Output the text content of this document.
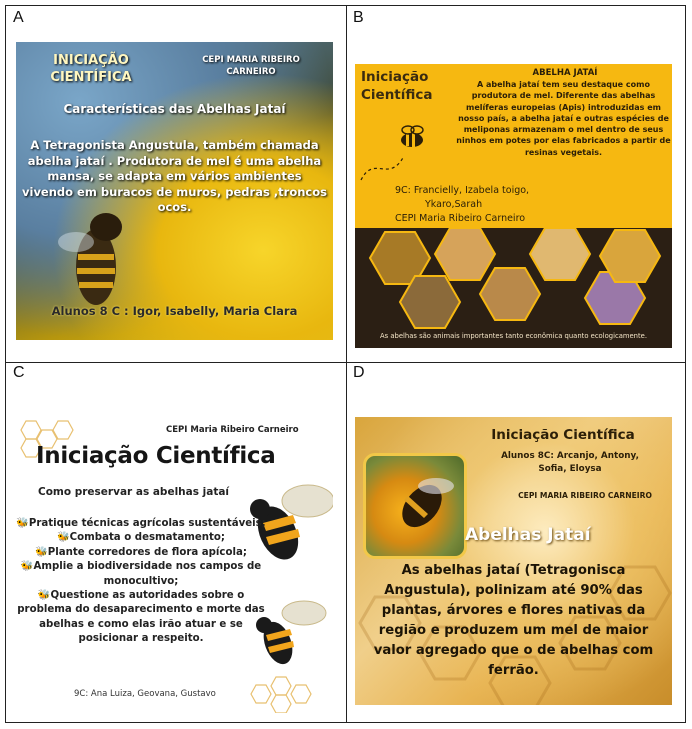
A	B
C	D
INICIAÇÃO CIENTÍFICA
CEPI MARIA RIBEIRO CARNEIRO
Características das Abelhas Jataí
A Tetragonista Angustula, também chamada abelha jataí . Produtora de mel é uma abelha mansa, se adapta em vários ambientes vivendo em buracos de muros, pedras ,troncos ocos.
Alunos 8 C : Igor, Isabelly, Maria Clara
Iniciação Científica
ABELHA JATAÍ
A abelha jataí tem seu destaque como produtora de mel. Diferente das abelhas melíferas europeias (Apis) introduzidas em nosso país, a abelha jataí e outras espécies de meliponas armazenam o mel dentro de seus ninhos em potes por elas fabricados a partir de resinas vegetais.
9C: Francielly, Izabela toigo,
Ykaro,Sarah
CEPI Maria Ribeiro Carneiro
As abelhas são animais importantes tanto econômica quanto ecologicamente.
CEPI Maria Ribeiro Carneiro
Iniciação Científica
Como preservar as abelhas jataí
🐝Pratique técnicas agrícolas sustentáveis;
🐝Combata o desmatamento;
🐝Plante corredores de flora apícola;
🐝Amplie a biodiversidade nos campos de monocultivo;
🐝Questione as autoridades sobre o problema do desaparecimento e morte das abelhas e como elas irão atuar e se posicionar a respeito.
9C: Ana Luiza, Geovana, Gustavo
Iniciação Científica
Alunos 8C: Arcanjo, Antony, Sofia, Eloysa
CEPI MARIA RIBEIRO CARNEIRO
Abelhas Jataí
As abelhas jataí (Tetragonisca Angustula), polinizam até 90% das plantas, árvores e flores nativas da região e produzem um mel de maior valor agregado que o de abelhas com ferrão.
